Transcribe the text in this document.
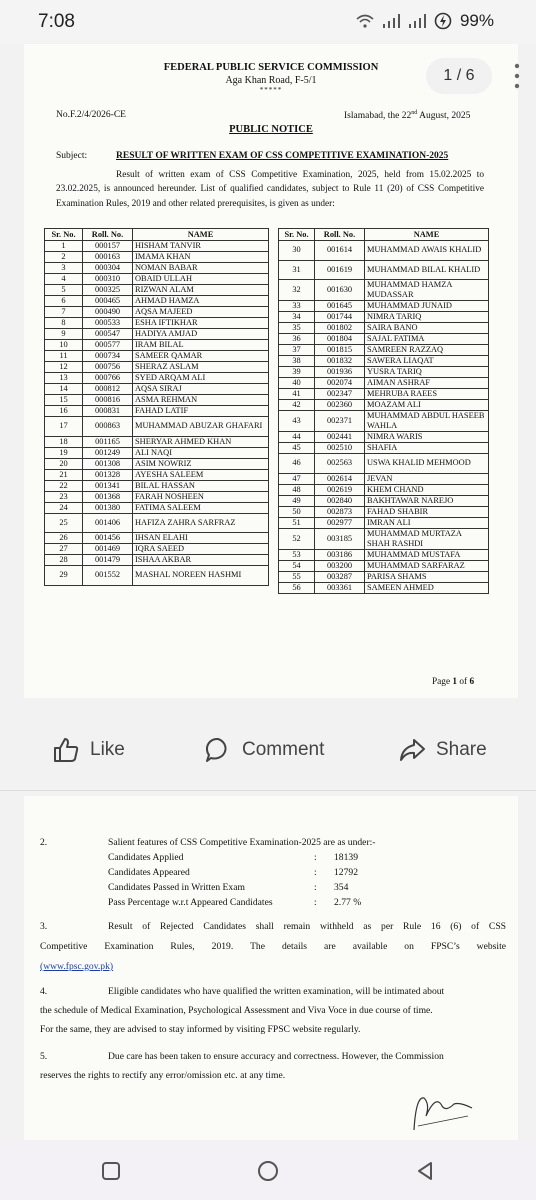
7:08	99%
FEDERAL PUBLIC SERVICE COMMISSION
Aga Khan Road, F-5/1
*****
1 / 6
No.F.2/4/2026-CE	Islamabad, the 22nd August, 2025
PUBLIC NOTICE
Subject:	RESULT OF WRITTEN EXAM OF CSS COMPETITIVE EXAMINATION-2025
Result of written exam of CSS Competitive Examination, 2025, held from 15.02.2025 to 23.02.2025, is announced hereunder. List of qualified candidates, subject to Rule 11 (20) of CSS Competitive Examination Rules, 2019 and other related prerequisites, is given as under:
Sr. No.	Roll. No.	NAME
1	000157	HISHAM TANVIR
2	000163	IMAMA KHAN
3	000304	NOMAN BABAR
4	000310	OBAID ULLAH
5	000325	RIZWAN ALAM
6	000465	AHMAD HAMZA
7	000490	AQSA MAJEED
8	000533	ESHA IFTIKHAR
9	000547	HADIYA AMJAD
10	000577	IRAM BILAL
11	000734	SAMEER QAMAR
12	000756	SHERAZ ASLAM
13	000766	SYED ARQAM ALI
14	000812	AQSA SIRAJ
15	000816	ASMA REHMAN
16	000831	FAHAD LATIF
17	000863	MUHAMMAD ABUZAR GHAFARI
18	001165	SHERYAR AHMED KHAN
19	001249	ALI NAQI
20	001308	ASIM NOWRIZ
21	001328	AYESHA SALEEM
22	001341	BILAL HASSAN
23	001368	FARAH NOSHEEN
24	001380	FATIMA SALEEM
25	001406	HAFIZA ZAHRA SARFRAZ
26	001456	IHSAN ELAHI
27	001469	IQRA SAEED
28	001479	ISHAA AKBAR
29	001552	MASHAL NOREEN HASHMI
Sr. No.	Roll. No.	NAME
30	001614	MUHAMMAD AWAIS KHALID
31	001619	MUHAMMAD BILAL KHALID
32	001630	MUHAMMAD HAMZA MUDASSAR
33	001645	MUHAMMAD JUNAID
34	001744	NIMRA TARIQ
35	001802	SAIRA BANO
36	001804	SAJAL FATIMA
37	001815	SAMREEN RAZZAQ
38	001832	SAWERA LIAQAT
39	001936	YUSRA TARIQ
40	002074	AIMAN ASHRAF
41	002347	MEHRUBA RAEES
42	002360	MOAZAM ALI
43	002371	MUHAMMAD ABDUL HASEEB WAHLA
44	002441	NIMRA WARIS
45	002510	SHAFIA
46	002563	USWA KHALID MEHMOOD
47	002614	JEVAN
48	002619	KHEM CHAND
49	002840	BAKHTAWAR NAREJO
50	002873	FAHAD SHABIR
51	002977	IMRAN ALI
52	003185	MUHAMMAD MURTAZA SHAH RASHDI
53	003186	MUHAMMAD MUSTAFA
54	003200	MUHAMMAD SARFARAZ
55	003287	PARISA SHAMS
56	003361	SAMEEN AHMED
Page 1 of 6
Like	Comment	Share
2.	Salient features of CSS Competitive Examination-2025 are as under:-
Candidates Applied	: 18139
Candidates Appeared	: 12792
Candidates Passed in Written Exam	: 354
Pass Percentage w.r.t Appeared Candidates	: 2.77 %
3.	Result of Rejected Candidates shall remain withheld as per Rule 16 (6) of CSS
Competitive Examination Rules, 2019. The details are available on FPSC’s website
(www.fpsc.gov.pk)
4.	Eligible candidates who have qualified the written examination, will be intimated about
the schedule of Medical Examination, Psychological Assessment and Viva Voce in due course of time.
For the same, they are advised to stay informed by visiting FPSC website regularly.
5.	Due care has been taken to ensure accuracy and correctness. However, the Commission
reserves the rights to rectify any error/omission etc. at any time.
